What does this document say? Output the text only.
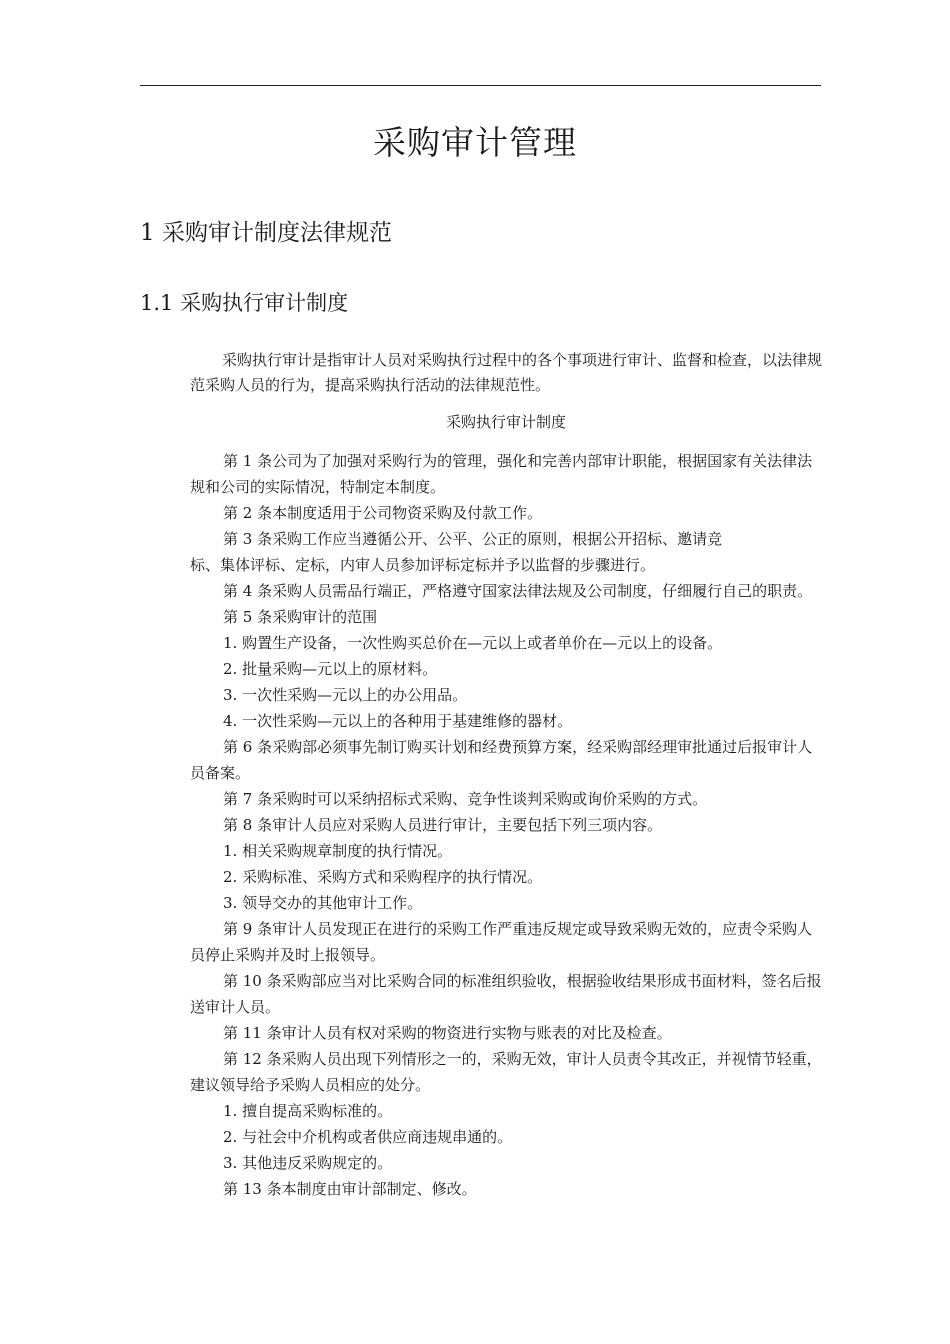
采购审计管理
1 采购审计制度法律规范
1.1 采购执行审计制度

采购执行审计是指审计人员对采购执行过程中的各个事项进行审计、监督和检查，以法律规范采购人员的行为，提高采购执行活动的法律规范性。

采购执行审计制度

第 1 条公司为了加强对采购行为的管理，强化和完善内部审计职能，根据国家有关法律法规和公司的实际情况，特制定本制度。

第 2 条本制度适用于公司物资采购及付款工作。

第 3 条采购工作应当遵循公开、公平、公正的原则，根据公开招标、邀请竞

标、集体评标、定标，内审人员参加评标定标并予以监督的步骤进行。

第 4 条采购人员需品行端正，严格遵守国家法律法规及公司制度，仔细履行自己的职责。

第 5 条采购审计的范围

1. 购置生产设备，一次性购买总价在—元以上或者单价在—元以上的设备。

2. 批量采购—元以上的原材料。

3. 一次性采购—元以上的办公用品。

4. 一次性采购—元以上的各种用于基建维修的器材。

第 6 条采购部必须事先制订购买计划和经费预算方案，经采购部经理审批通过后报审计人员备案。

第 7 条采购时可以采纳招标式采购、竞争性谈判采购或询价采购的方式。

第 8 条审计人员应对采购人员进行审计，主要包括下列三项内容。

1. 相关采购规章制度的执行情况。

2. 采购标准、采购方式和采购程序的执行情况。

3. 领导交办的其他审计工作。

第 9 条审计人员发现正在进行的采购工作严重违反规定或导致采购无效的，应责令采购人员停止采购并及时上报领导。

第 10 条采购部应当对比采购合同的标准组织验收，根据验收结果形成书面材料，签名后报送审计人员。

第 11 条审计人员有权对采购的物资进行实物与账表的对比及检查。

第 12 条采购人员出现下列情形之一的，采购无效，审计人员责令其改正，并视情节轻重，建议领导给予采购人员相应的处分。

1. 擅自提高采购标准的。

2. 与社会中介机构或者供应商违规串通的。

3. 其他违反采购规定的。

第 13 条本制度由审计部制定、修改。
